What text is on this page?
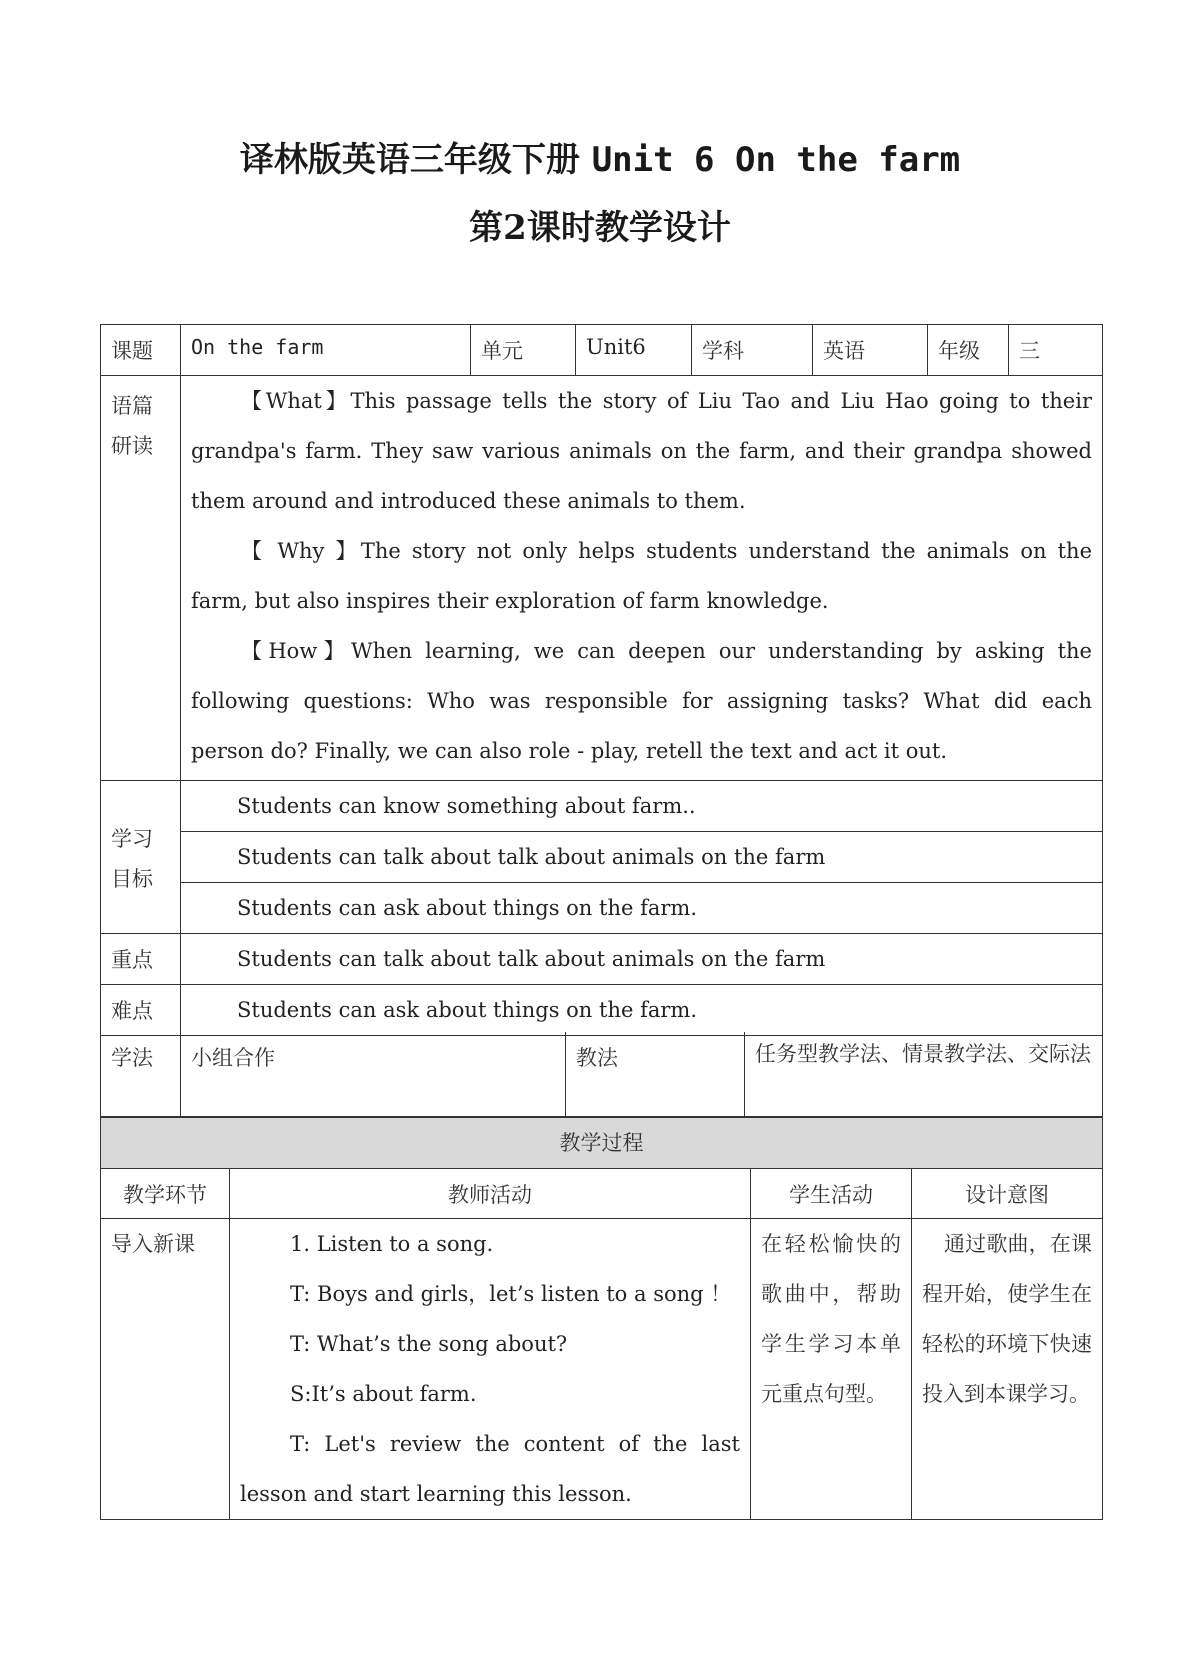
译林版英语三年级下册 Unit 6 On the farm
第2课时教学设计
课题	On the farm	单元	Unit6	学科	英语	年级	三

语篇研读	【What】This passage tells the story of Liu Tao and Liu Hao going to their grandpa's farm. They saw various animals on the farm, and their grandpa showed them around and introduced these animals to them.

【 Why 】The story not only helps students understand the animals on the farm, but also inspires their exploration of farm knowledge.

【How】When learning, we can deepen our understanding by asking the following questions: Who was responsible for assigning tasks? What did each person do? Finally, we can also role - play, retell the text and act it out.						

学习目标	Students can know something about farm..						

	Students can talk about talk about animals on the farm						

	Students can ask about things on the farm.						

重点	Students can talk about talk about animals on the farm						

难点	Students can ask about things on the farm.						
学法	小组合作	教法	任务型教学法、情景教学法、交际法
教学过程			
教学环节	教师活动	学生活动	设计意图

导入新课	1. Listen to a song.

T: Boys and girls，let’s listen to a song ！

T: What’s the song about?

S:It’s about farm.

T: Let's review the content of the last lesson and start learning this lesson.	在轻松愉快的歌曲中，帮助学生学习本单元重点句型。	通过歌曲，在课程开始，使学生在轻松的环境下快速投入到本课学习。
